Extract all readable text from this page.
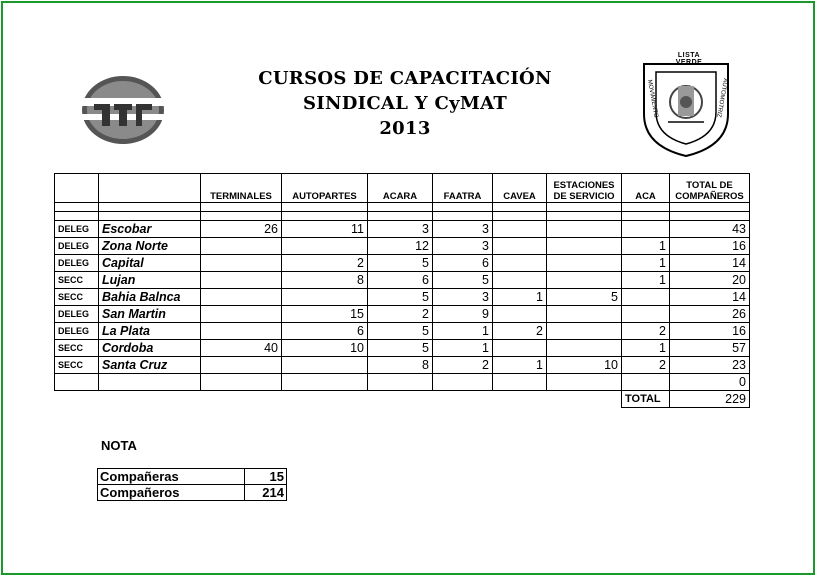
CURSOS DE CAPACITACIÓN
SINDICAL Y CyMAT
2013
LISTA VERDE
MOVIMIENTO	AUTOMOTRIZ
		TERMINALES	AUTOPARTES	ACARA	FAATRA	CAVEA	ESTACIONES DE SERVICIO	ACA	TOTAL DE COMPAÑEROS

DELEG	Escobar	26	11	3	3				43
DELEG	Zona Norte			12	3			1	16
DELEG	Capital		2	5	6			1	14
SECC	Lujan		8	6	5			1	20
SECC	Bahia Balnca			5	3	1	5		14
DELEG	San Martin		15	2	9				26
DELEG	La Plata		6	5	1	2		2	16
SECC	Cordoba	40	10	5	1			1	57
SECC	Santa Cruz			8	2	1	10	2	23
									0
								TOTAL	229
NOTA
Compañeras	15
Compañeros	214
